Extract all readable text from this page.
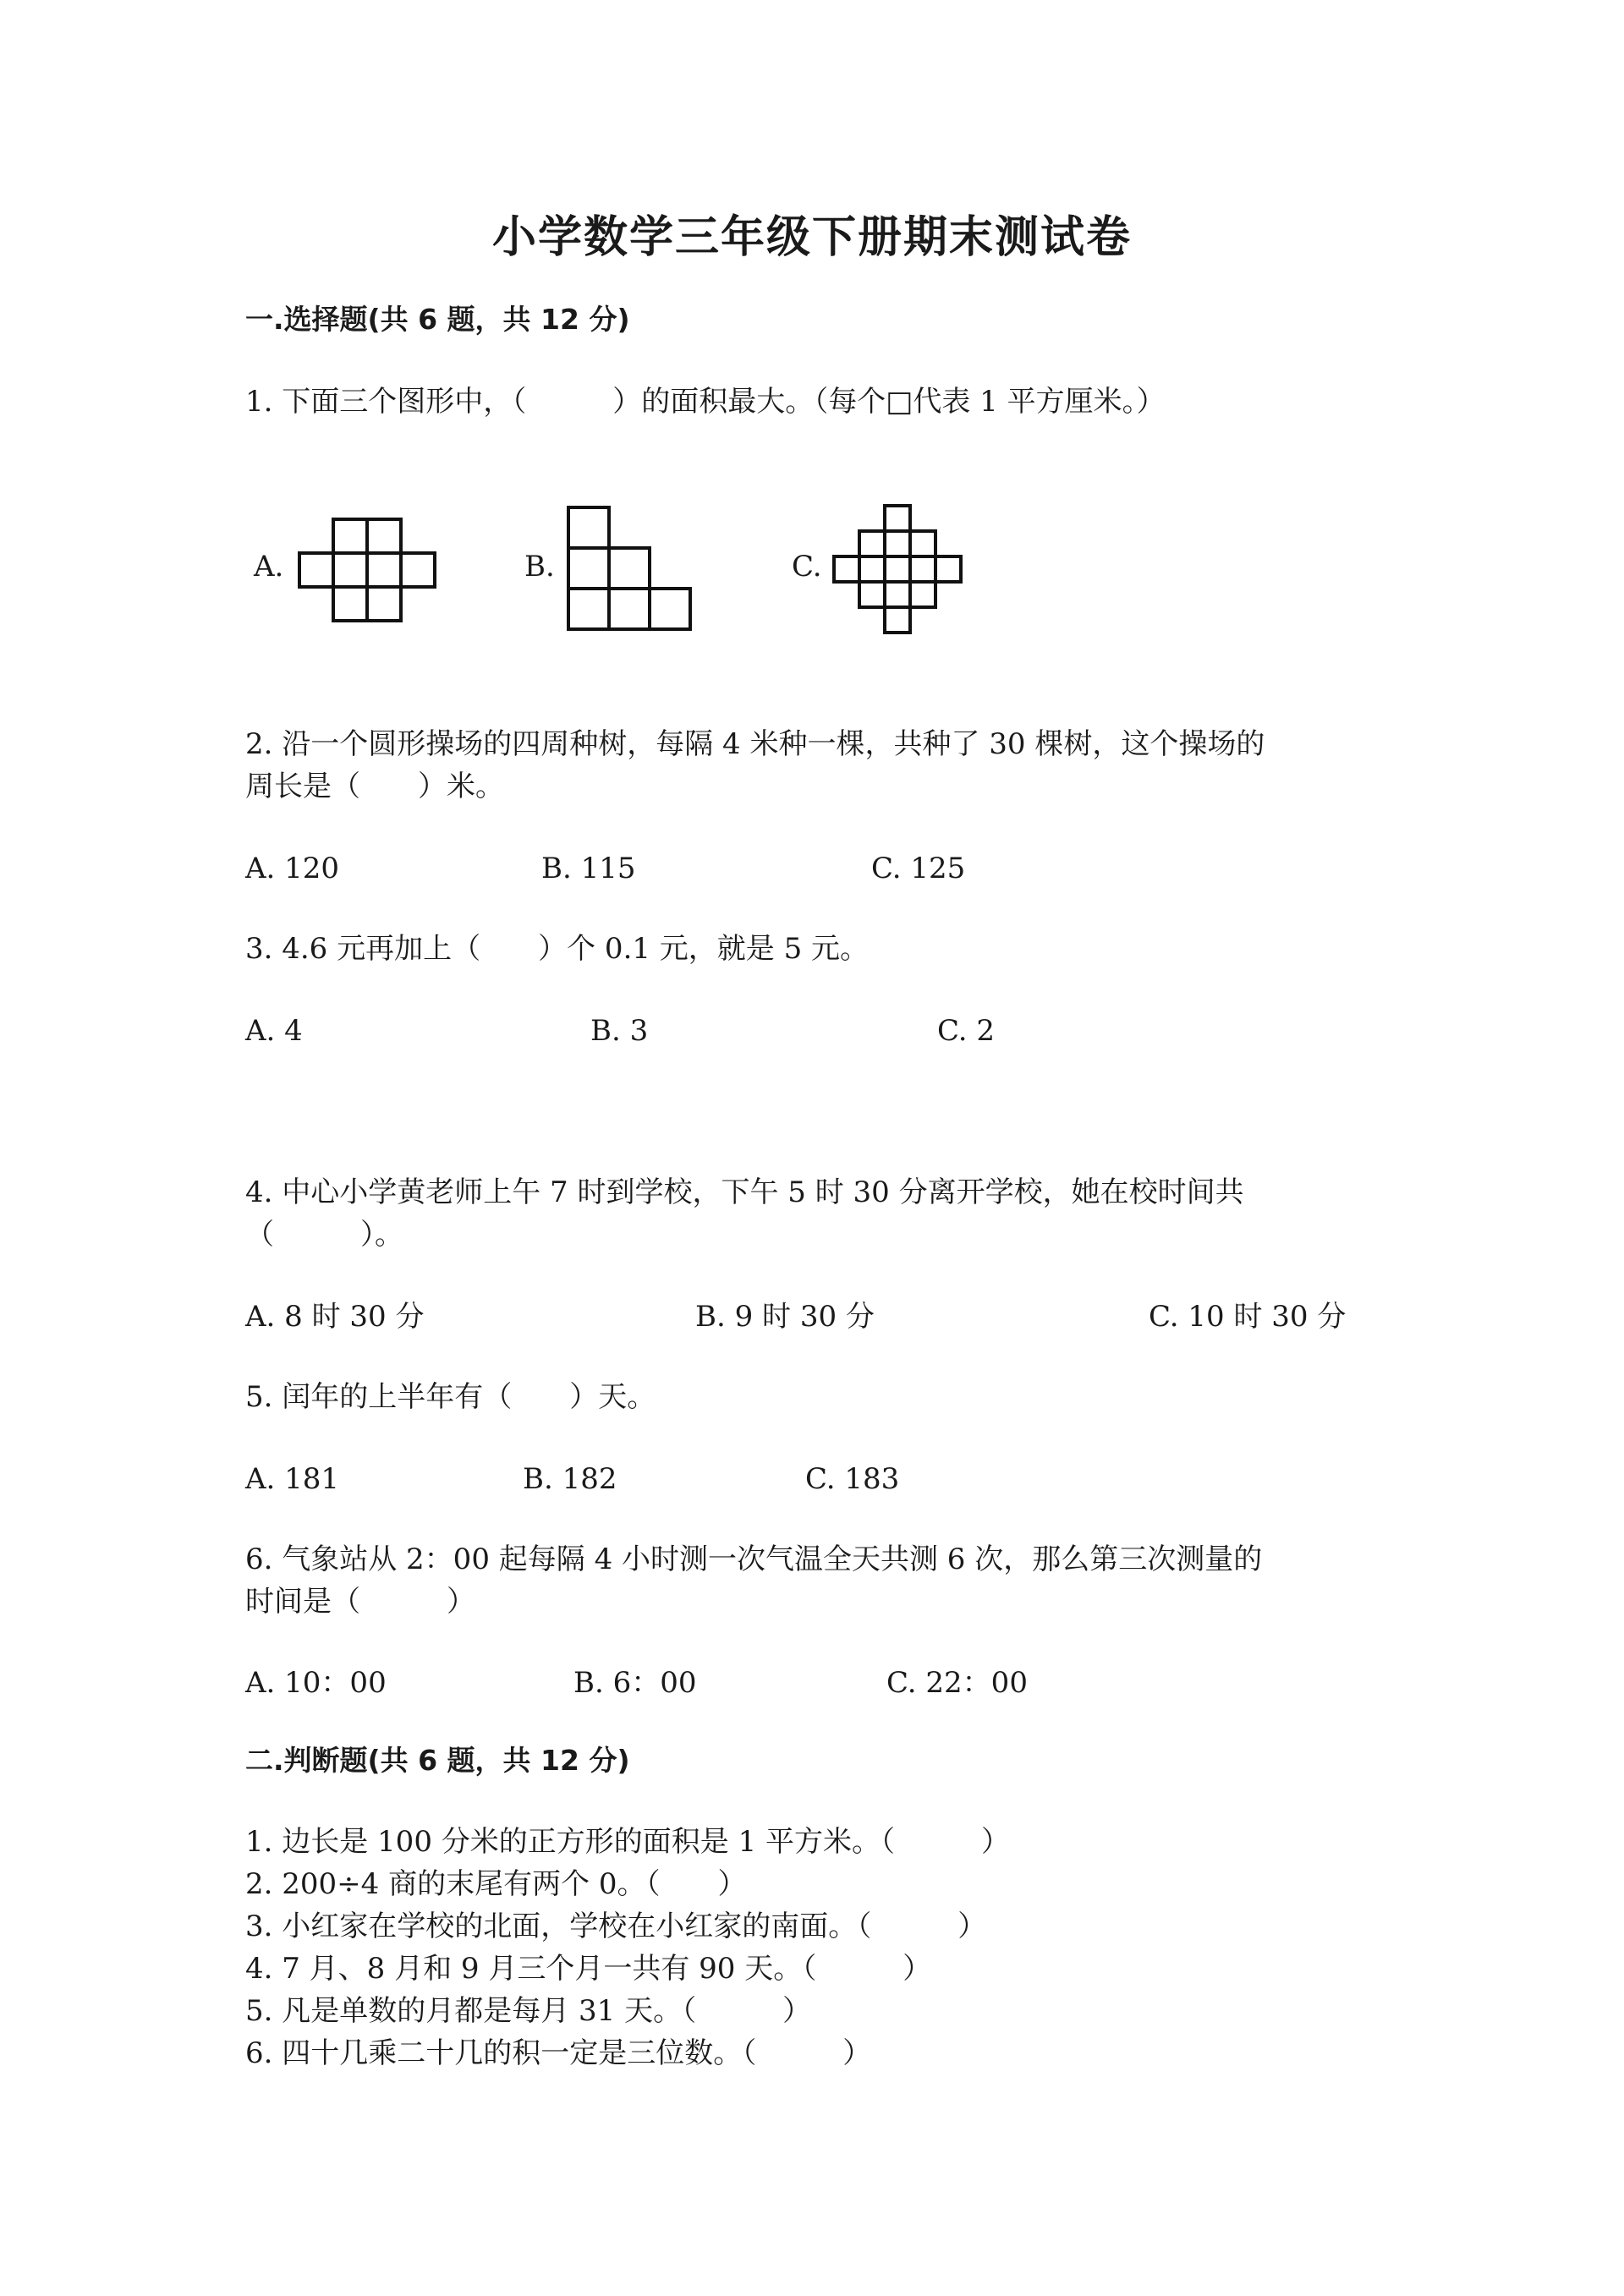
小学数学三年级下册期末测试卷
一.选择题(共 6 题，共 12 分)
1. 下面三个图形中，（　　　）的面积最大。（每个□代表 1 平方厘米。）
A.	B.	C.
2. 沿一个圆形操场的四周种树，每隔 4 米种一棵，共种了 30 棵树，这个操场的
周长是（　　）米。
A. 120	B. 115	C. 125
3. 4.6 元再加上（　　）个 0.1 元，就是 5 元。
A. 4	B. 3	C. 2
4. 中心小学黄老师上午 7 时到学校，下午 5 时 30 分离开学校，她在校时间共
（　　　）。
A. 8 时 30 分	B. 9 时 30 分	C. 10 时 30 分
5. 闰年的上半年有（　　）天。
A. 181	B. 182	C. 183
6. 气象站从 2：00 起每隔 4 小时测一次气温全天共测 6 次，那么第三次测量的
时间是（　　　）
A. 10：00	B. 6：00	C. 22：00
二.判断题(共 6 题，共 12 分)
1. 边长是 100 分米的正方形的面积是 1 平方米。（　　　）
2. 200÷4 商的末尾有两个 0。（　　）
3. 小红家在学校的北面，学校在小红家的南面。（　　　）
4. 7 月、8 月和 9 月三个月一共有 90 天。（　　　）
5. 凡是单数的月都是每月 31 天。（　　　）
6. 四十几乘二十几的积一定是三位数。（　　　）
